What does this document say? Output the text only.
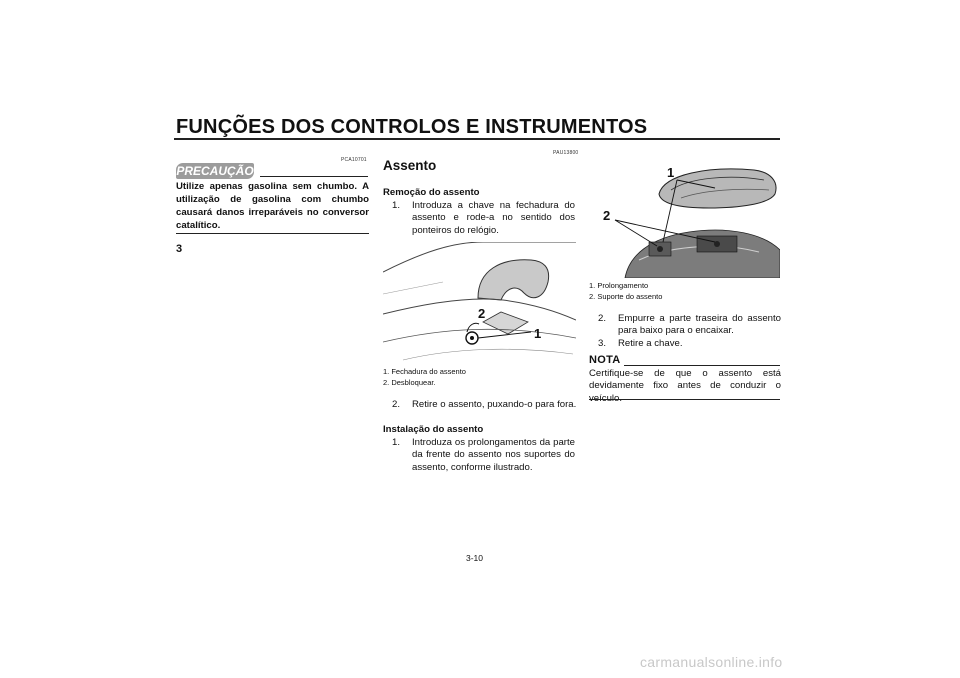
FUNÇÕES DOS CONTROLOS E INSTRUMENTOS
3
PCA10701
PRECAUÇÃO

Utilize apenas gasolina sem chumbo. A utilização de gasolina com chumbo causará danos irreparáveis no conversor catalítico.

PAU13800
Assento
Remoção do assento
1.	Introduza a chave na fechadura do assento e rode-a no sentido dos ponteiros do relógio.
2
1
1. Fechadura do assento
2. Desbloquear.
2.	Retire o assento, puxando-o para fora.
Instalação do assento
1.	Introduza os prolongamentos da parte da frente do assento nos suportes do assento, conforme ilustrado.
1
2
1. Prolongamento
2. Suporte do assento
2.	Empurre a parte traseira do assento para baixo para o encaixar.
3.	Retire a chave.
NOTA

Certifique-se de que o assento está devidamente fixo antes de conduzir o

3-10
carmanualsonline.info
